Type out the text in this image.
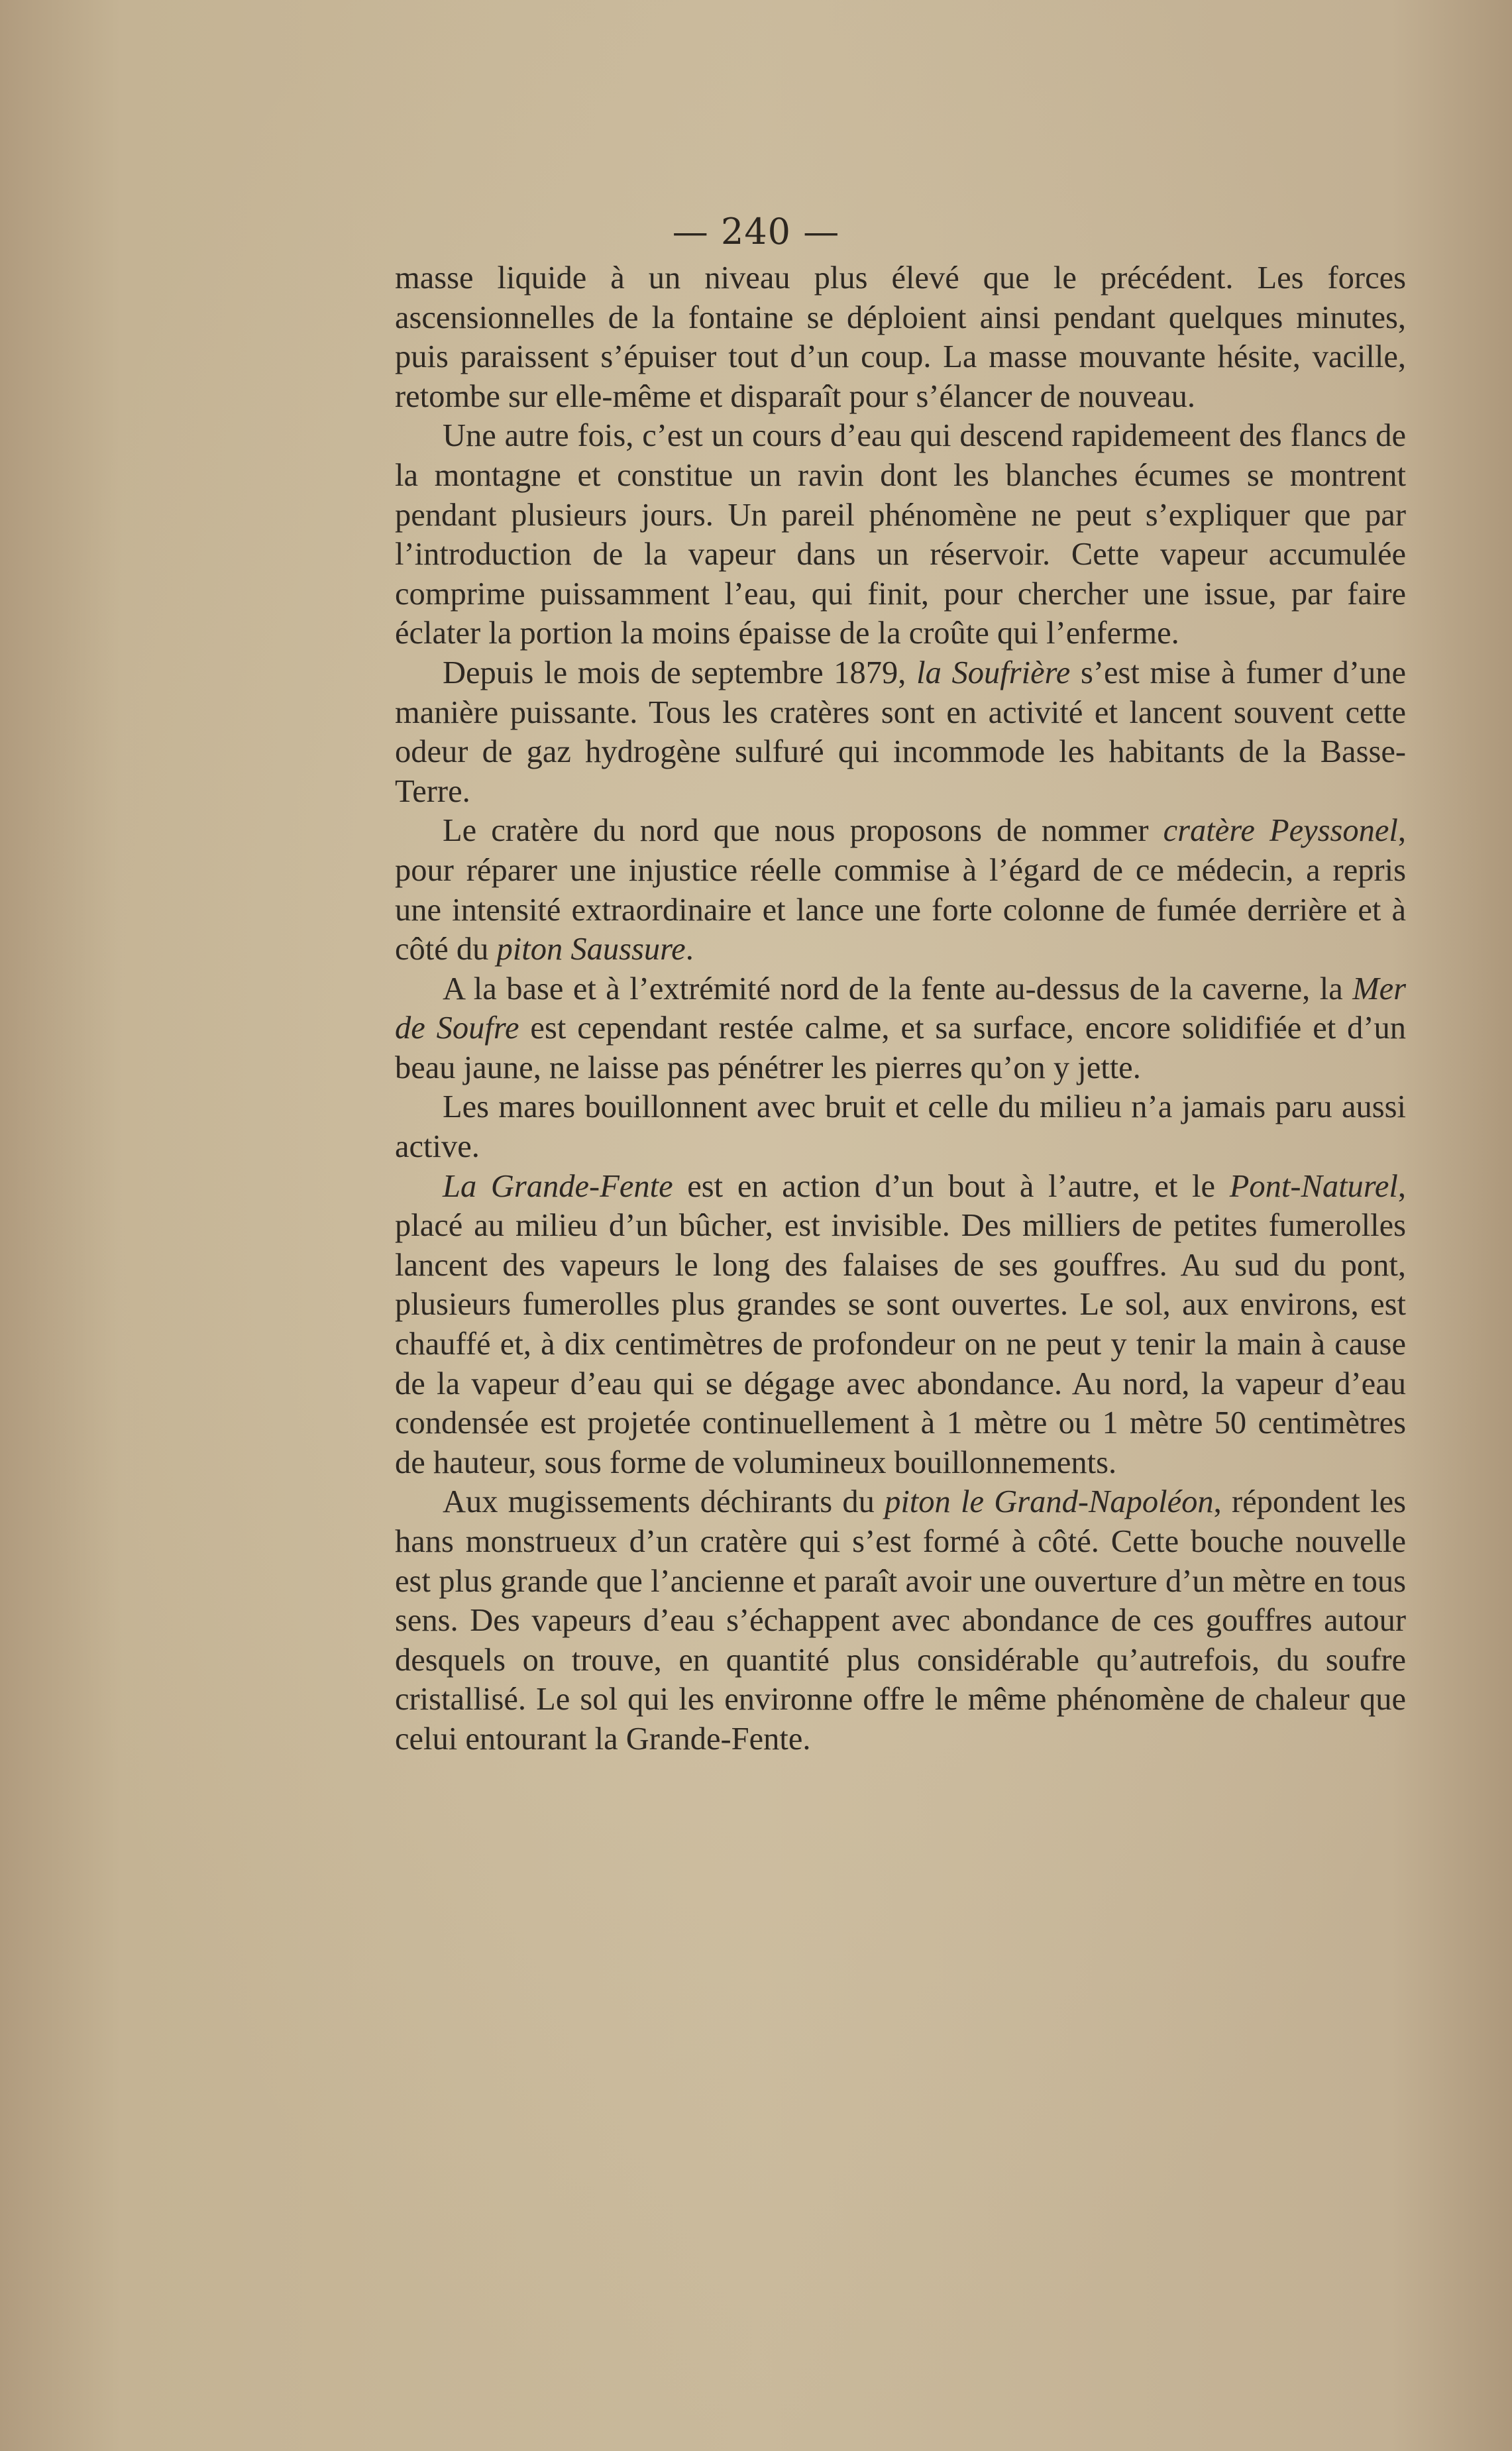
— 240 —

masse liquide à un niveau plus élevé que le précédent. Les forces ascensionnelles de la fontaine se déploient ainsi pendant quelques minutes, puis paraissent s’épuiser tout d’un coup. La masse mouvante hésite, vacille, retombe sur elle-même et disparaît pour s’élancer de nouveau.

Une autre fois, c’est un cours d’eau qui descend rapidemeent des flancs de la montagne et constitue un ravin dont les blanches écumes se montrent pendant plusieurs jours. Un pareil phénomène ne peut s’expliquer que par l’introduction de la vapeur dans un réservoir. Cette vapeur accumulée comprime puissamment l’eau, qui finit, pour chercher une issue, par faire éclater la portion la moins épaisse de la croûte qui l’enferme.

Depuis le mois de septembre 1879, la Soufrière s’est mise à fumer d’une manière puissante. Tous les cratères sont en activité et lancent souvent cette odeur de gaz hydrogène sulfuré qui incommode les habitants de la Basse-Terre.

Le cratère du nord que nous proposons de nommer cratère Peyssonel, pour réparer une injustice réelle commise à l’égard de ce médecin, a repris une intensité extraordinaire et lance une forte colonne de fumée derrière et à côté du piton Saussure.

A la base et à l’extrémité nord de la fente au-dessus de la caverne, la Mer de Soufre est cependant restée calme, et sa surface, encore solidifiée et d’un beau jaune, ne laisse pas pénétrer les pierres qu’on y jette.

Les mares bouillonnent avec bruit et celle du milieu n’a jamais paru aussi active.

La Grande-Fente est en action d’un bout à l’autre, et le Pont-Naturel, placé au milieu d’un bûcher, est invisible. Des milliers de petites fumerolles lancent des vapeurs le long des falaises de ses gouffres. Au sud du pont, plusieurs fumerolles plus grandes se sont ouvertes. Le sol, aux environs, est chauffé et, à dix centimètres de profondeur on ne peut y tenir la main à cause de la vapeur d’eau qui se dégage avec abondance. Au nord, la vapeur d’eau condensée est projetée continuellement à 1 mètre ou 1 mètre 50 centimètres de hauteur, sous forme de volumineux bouillonnements.

Aux mugissements déchirants du piton le Grand-Napoléon, répondent les hans monstrueux d’un cratère qui s’est formé à côté. Cette bouche nouvelle est plus grande que l’ancienne et paraît avoir une ouverture d’un mètre en tous sens. Des vapeurs d’eau s’échappent avec abondance de ces gouffres autour desquels on trouve, en quantité plus considérable qu’autrefois, du soufre cristallisé. Le sol qui les environne offre le même phénomène de chaleur que celui entourant la Grande-Fente.
